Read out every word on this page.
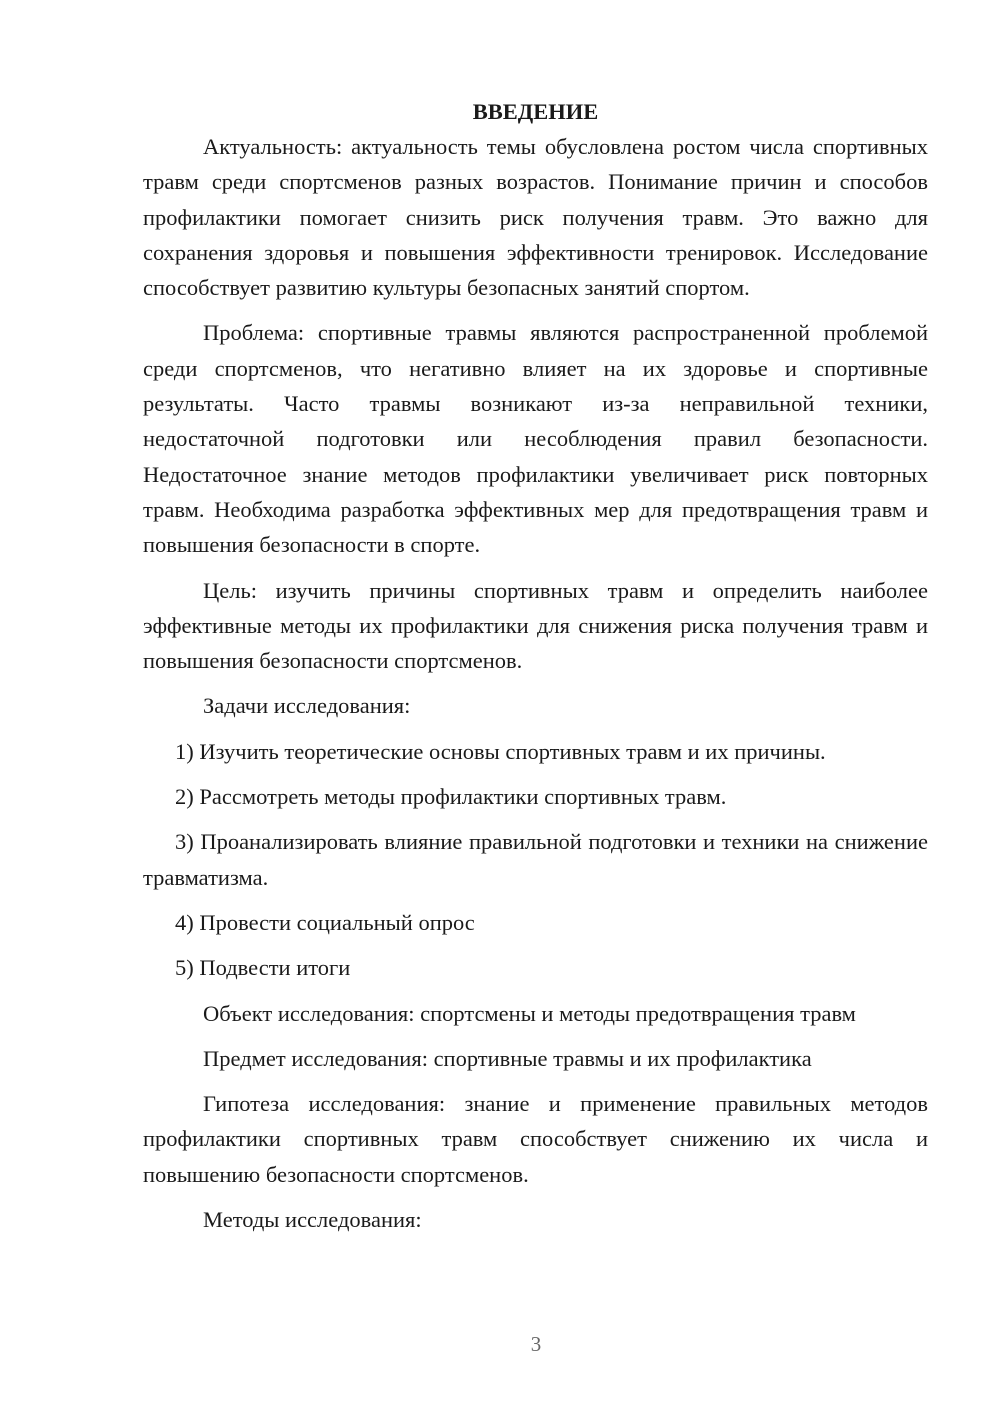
ВВЕДЕНИЕ

Актуальность: актуальность темы обусловлена ростом числа спортивных травм среди спортсменов разных возрастов. Понимание причин и способов профилактики помогает снизить риск получения травм. Это важно для сохранения здоровья и повышения эффективности тренировок. Исследование способствует развитию культуры безопасных занятий спортом.

Проблема: спортивные травмы являются распространенной проблемой среди спортсменов, что негативно влияет на их здоровье и спортивные результаты. Часто травмы возникают из-за неправильной техники, недостаточной подготовки или несоблюдения правил безопасности. Недостаточное знание методов профилактики увеличивает риск повторных травм. Необходима разработка эффективных мер для предотвращения травм и повышения безопасности в спорте.

Цель: изучить причины спортивных травм и определить наиболее эффективные методы их профилактики для снижения риска получения травм и повышения безопасности спортсменов.

Задачи исследования:

1) Изучить теоретические основы спортивных травм и их причины.

2) Рассмотреть методы профилактики спортивных травм.

3) Проанализировать влияние правильной подготовки и техники на снижение травматизма.

4) Провести социальный опрос

5) Подвести итоги

Объект исследования: спортсмены и методы предотвращения травм

Предмет исследования: спортивные травмы и их профилактика

Гипотеза исследования: знание и применение правильных методов профилактики спортивных травм способствует снижению их числа и повышению безопасности спортсменов.

Методы исследования:

3
